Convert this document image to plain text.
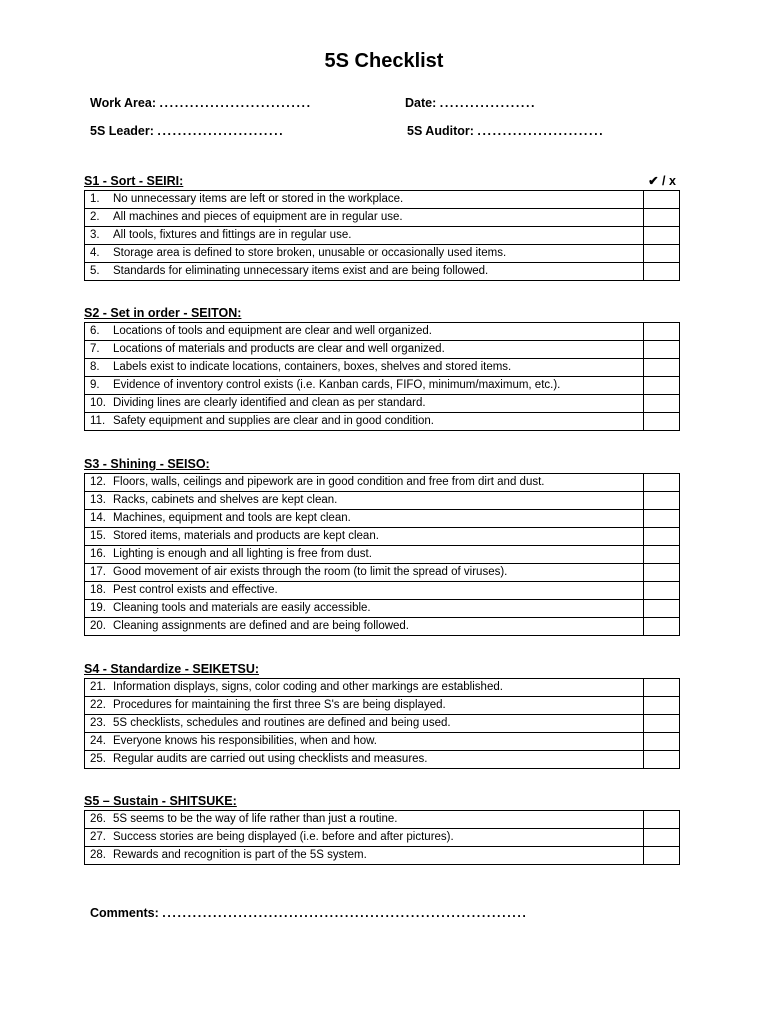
5S Checklist
Work Area: ..............................	Date: ...................
5S Leader: .........................	5S Auditor: .........................
S1 - Sort - SEIRI:	✔ / x
1. No unnecessary items are left or stored in the workplace.	
2. All machines and pieces of equipment are in regular use.	
3. All tools, fixtures and fittings are in regular use.	
4. Storage area is defined to store broken, unusable or occasionally used items.	
5. Standards for eliminating unnecessary items exist and are being followed.	
S2 - Set in order - SEITON:
6. Locations of tools and equipment are clear and well organized.	
7. Locations of materials and products are clear and well organized.	
8. Labels exist to indicate locations, containers, boxes, shelves and stored items.	
9. Evidence of inventory control exists (i.e. Kanban cards, FIFO, minimum/maximum, etc.).	
10. Dividing lines are clearly identified and clean as per standard.	
11. Safety equipment and supplies are clear and in good condition.	
S3 - Shining - SEISO:
12. Floors, walls, ceilings and pipework are in good condition and free from dirt and dust.	
13. Racks, cabinets and shelves are kept clean.	
14. Machines, equipment and tools are kept clean.	
15. Stored items, materials and products are kept clean.	
16. Lighting is enough and all lighting is free from dust.	
17. Good movement of air exists through the room (to limit the spread of viruses).	
18. Pest control exists and effective.	
19. Cleaning tools and materials are easily accessible.	
20. Cleaning assignments are defined and are being followed.	
S4 - Standardize - SEIKETSU:
21. Information displays, signs, color coding and other markings are established.	
22. Procedures for maintaining the first three S's are being displayed.	
23. 5S checklists, schedules and routines are defined and being used.	
24. Everyone knows his responsibilities, when and how.	
25. Regular audits are carried out using checklists and measures.	
S5 – Sustain - SHITSUKE:
26. 5S seems to be the way of life rather than just a routine.	
27. Success stories are being displayed (i.e. before and after pictures).	
28. Rewards and recognition is part of the 5S system.	
Comments: ........................................................................
